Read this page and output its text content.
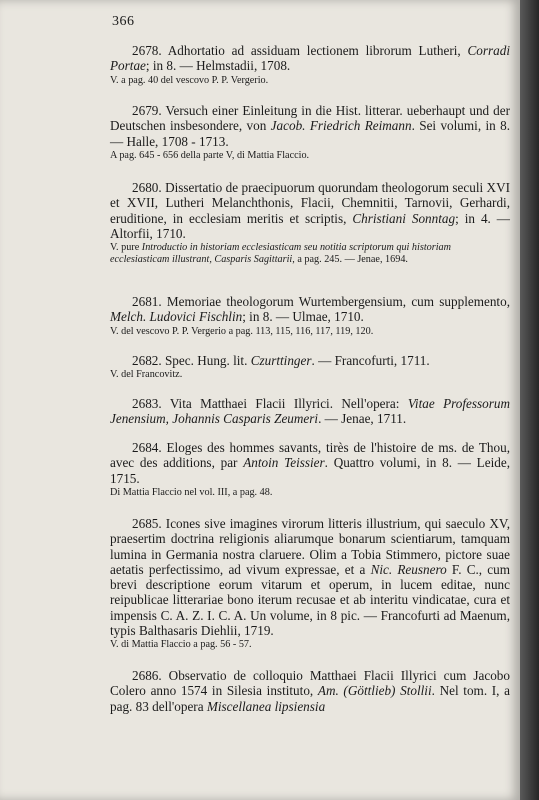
366

2678. Adhortatio ad assiduam lectionem librorum Lutheri, Corradi Portae; in 8. — Helmstadii, 1708.

V. a pag. 40 del vescovo P. P. Vergerio.

2679. Versuch einer Einleitung in die Hist. litterar. ueberhaupt und der Deutschen insbesondere, von Jacob. Friedrich Reimann. Sei volumi, in 8. — Halle, 1708 - 1713.

A pag. 645 - 656 della parte V, di Mattia Flaccio.

2680. Dissertatio de praecipuorum quorundam theologorum seculi XVI et XVII, Lutheri Melanchthonis, Flacii, Chemnitii, Tarnovii, Gerhardi, eruditione, in ecclesiam meritis et scriptis, Christiani Sonntag; in 4. — Altorfii, 1710.

V. pure Introductio in historiam ecclesiasticam seu notitia scriptorum qui historiam ecclesiasticam illustrant, Casparis Sagittarii, a pag. 245. — Jenae, 1694.

2681. Memoriae theologorum Wurtembergensium, cum supplemento, Melch. Ludovici Fischlin; in 8. — Ulmae, 1710.

V. del vescovo P. P. Vergerio a pag. 113, 115, 116, 117, 119, 120.

2682. Spec. Hung. lit. Czurttinger. — Francofurti, 1711.

V. del Francovitz.

2683. Vita Matthaei Flacii Illyrici. Nell'opera: Vitae Professorum Jenensium, Johannis Casparis Zeumeri. — Jenae, 1711.

2684. Eloges des hommes savants, tirès de l'histoire de ms. de Thou, avec des additions, par Antoin Teissier. Quattro volumi, in 8. — Leide, 1715.

Di Mattia Flaccio nel vol. III, a pag. 48.

2685. Icones sive imagines virorum litteris illustrium, qui saeculo XV, praesertim doctrina religionis aliarumque bonarum scientiarum, tamquam lumina in Germania nostra claruere. Olim a Tobia Stimmero, pictore suae aetatis perfectissimo, ad vivum expressae, et a Nic. Reusnero F. C., cum brevi descriptione eorum vitarum et operum, in lucem editae, nunc reipublicae litterariae bono iterum recusae et ab interitu vindicatae, cura et impensis C. A. Z. I. C. A. Un volume, in 8 pic. — Francofurti ad Maenum, typis Balthasaris Diehlii, 1719.

V. di Mattia Flaccio a pag. 56 - 57.

2686. Observatio de colloquio Matthaei Flacii Illyrici cum Jacobo Colero anno 1574 in Silesia instituto, Am. (Göttlieb) Stollii. Nel tom. I, a pag. 83 dell'opera Miscellanea lipsiensia
